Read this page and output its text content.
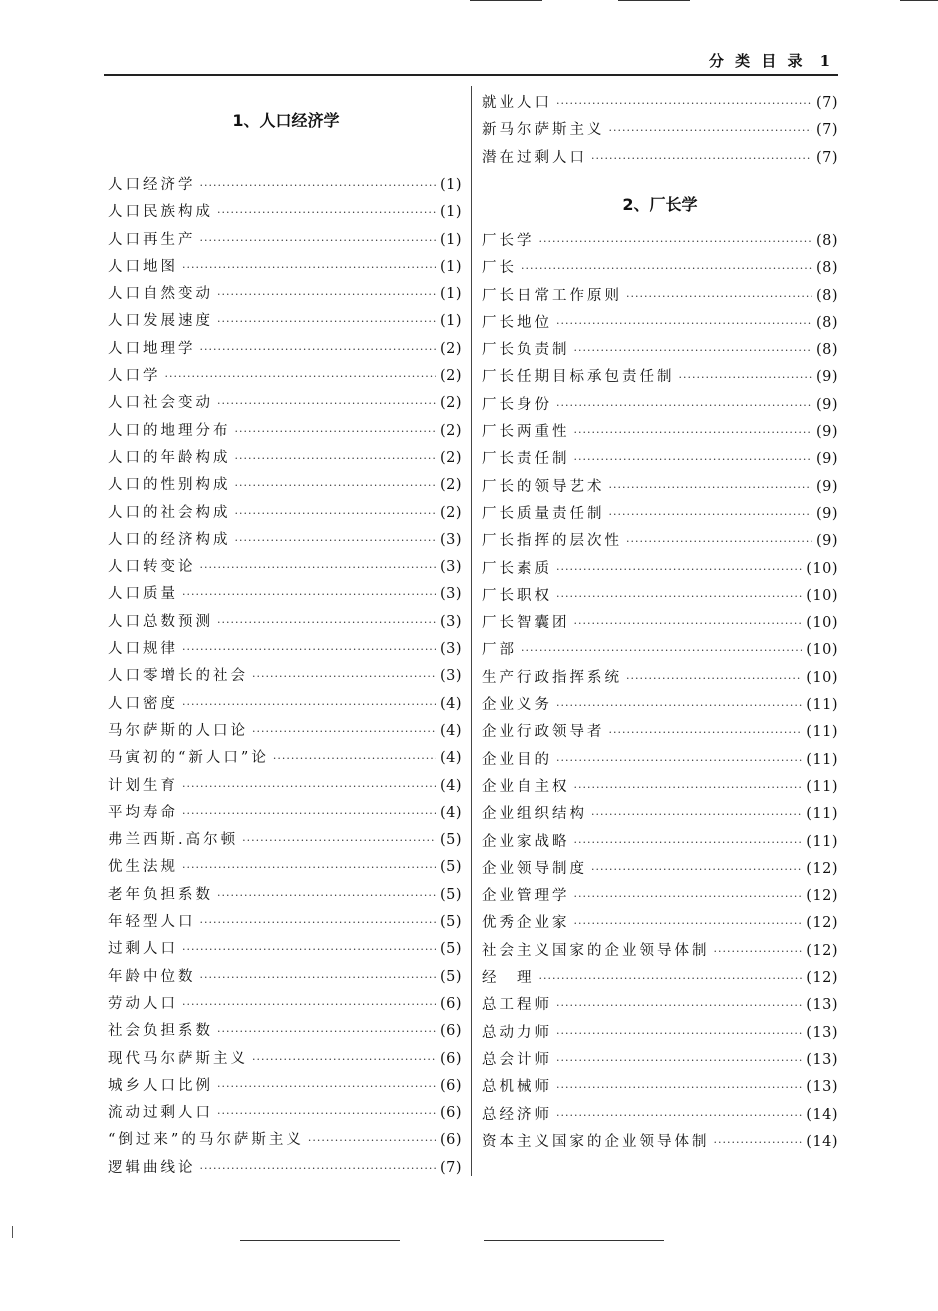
分 类 目 录 1
1、人口经济学
2、厂长学
人口经济学 ·····	(1)
人口民族构成 ·····	(1)
人口再生产 ·····	(1)
人口地图 ·····	(1)
人口自然变动 ·····	(1)
人口发展速度 ·····	(1)
人口地理学 ·····	(2)
人口学 ·····	(2)
人口社会变动 ·····	(2)
人口的地理分布 ·····	(2)
人口的年龄构成 ·····	(2)
人口的性别构成 ·····	(2)
人口的社会构成 ·····	(2)
人口的经济构成 ·····	(3)
人口转变论 ·····	(3)
人口质量 ·····	(3)
人口总数预测 ·····	(3)
人口规律 ·····	(3)
人口零增长的社会 ·····	(3)
人口密度 ·····	(4)
马尔萨斯的人口论 ·····	(4)
马寅初的“新人口”论 ·····	(4)
计划生育 ·····	(4)
平均寿命 ·····	(4)
弗兰西斯.高尔顿 ·····	(5)
优生法规 ·····	(5)
老年负担系数 ·····	(5)
年轻型人口 ·····	(5)
过剩人口 ·····	(5)
年龄中位数 ·····	(5)
劳动人口 ·····	(6)
社会负担系数 ·····	(6)
现代马尔萨斯主义 ·····	(6)
城乡人口比例 ·····	(6)
流动过剩人口 ·····	(6)
“倒过来”的马尔萨斯主义 ·····	(6)
逻辑曲线论 ·····	(7)
就业人口 ·····	(7)
新马尔萨斯主义 ·····	(7)
潜在过剩人口 ·····	(7)
厂长学 ·····	(8)
厂长 ·····	(8)
厂长日常工作原则 ·····	(8)
厂长地位 ·····	(8)
厂长负责制 ·····	(8)
厂长任期目标承包责任制 ·····	(9)
厂长身份 ·····	(9)
厂长两重性 ·····	(9)
厂长责任制 ·····	(9)
厂长的领导艺术 ·····	(9)
厂长质量责任制 ·····	(9)
厂长指挥的层次性 ·····	(9)
厂长素质 ·····	(10)
厂长职权 ·····	(10)
厂长智囊团 ·····	(10)
厂部 ·····	(10)
生产行政指挥系统 ·····	(10)
企业义务 ·····	(11)
企业行政领导者 ·····	(11)
企业目的 ·····	(11)
企业自主权 ·····	(11)
企业组织结构 ·····	(11)
企业家战略 ·····	(11)
企业领导制度 ·····	(12)
企业管理学 ·····	(12)
优秀企业家 ·····	(12)
社会主义国家的企业领导体制 ·····	(12)
经　理 ·····	(12)
总工程师 ·····	(13)
总动力师 ·····	(13)
总会计师 ·····	(13)
总机械师 ·····	(13)
总经济师 ·····	(14)
资本主义国家的企业领导体制 ·····	(14)
